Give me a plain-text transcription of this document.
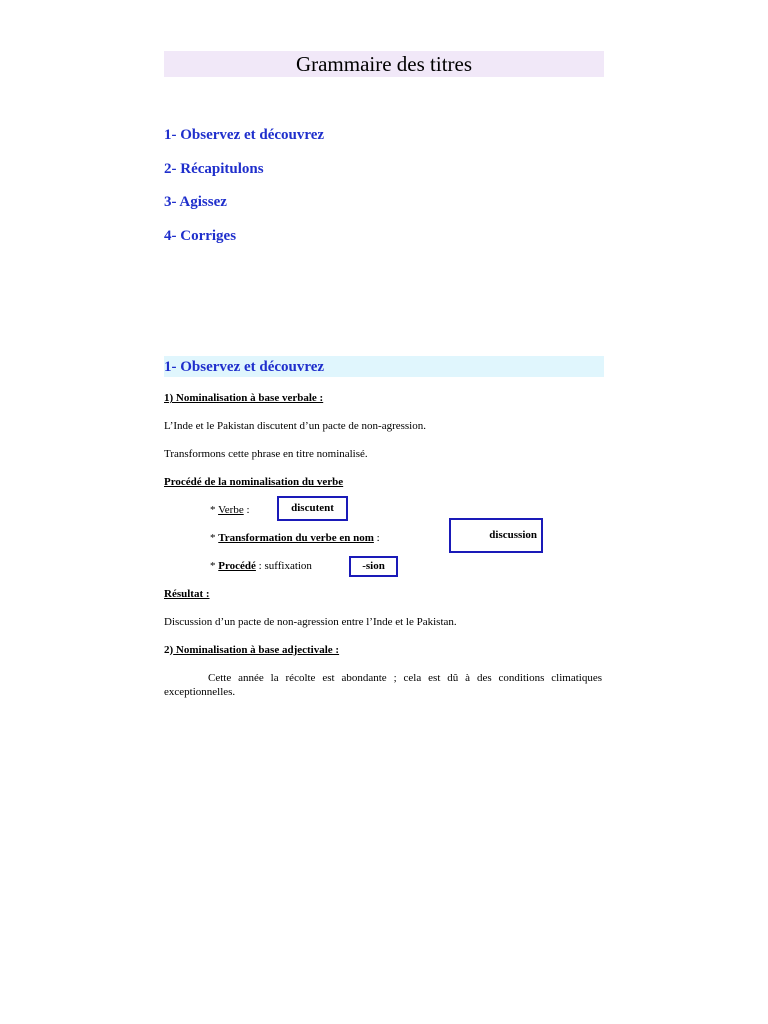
Grammaire des titres
1- Observez et découvrez
2- Récapitulons
3- Agissez
4- Corriges
1- Observez et découvrez
1) Nominalisation à base verbale :
L’Inde et le Pakistan discutent d’un pacte de non-agression.
Transformons cette phrase en titre nominalisé.
Procédé de la nominalisation du verbe
* Verbe :	discutent
* Transformation du verbe en nom :	discussion
* Procédé : suffixation	-sion
Résultat :
Discussion d’un pacte de non-agression entre l’Inde et le Pakistan.
2) Nominalisation à base adjectivale :
Cette année la récolte est abondante ; cela est dû à des conditions climatiques exceptionnelles.
